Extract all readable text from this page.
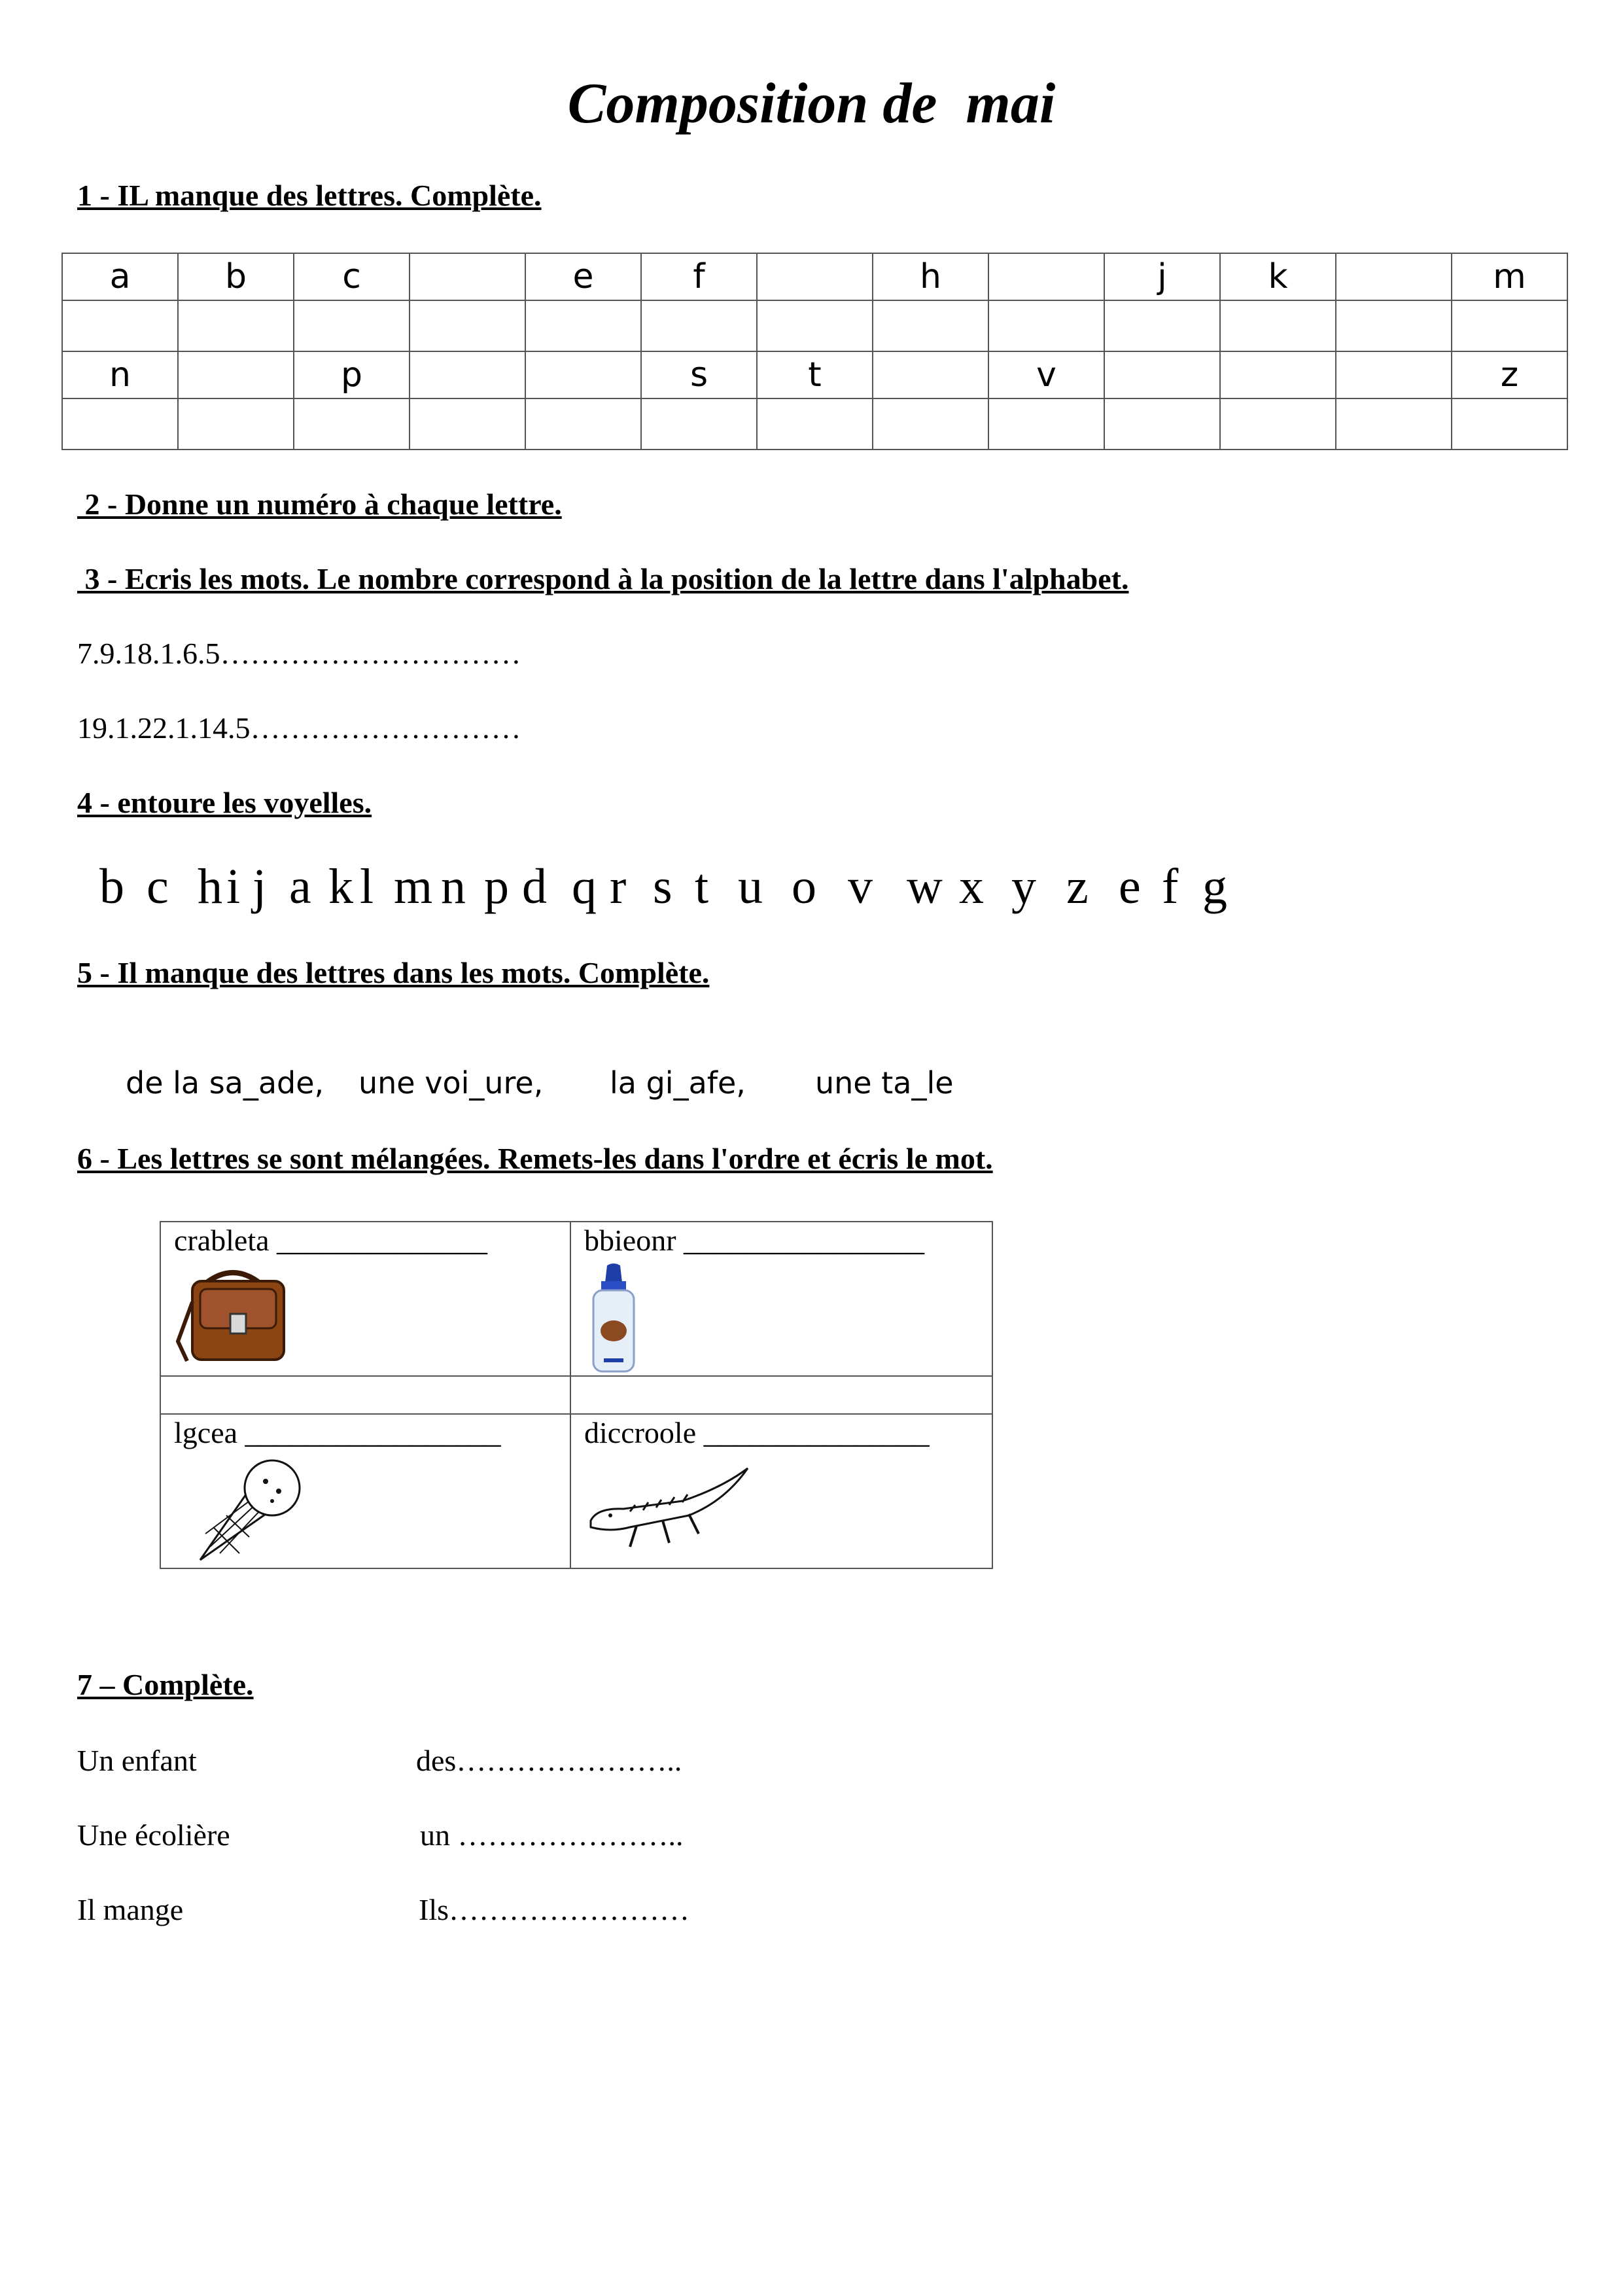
Composition de  mai
1 - IL manque des lettres. Complète.
a	b	c		e	f		h		j	k		m

n		p			s	t		v				z

2 - Donne un numéro à chaque lettre.
3 - Ecris les mots. Le nombre correspond à la position de la lettre dans l'alphabet.
7.9.18.1.6.5…………………………
19.1.22.1.14.5………………………
4 - entoure les voyelles.
b c h i j a k l m n p d q r s t u o v w x y z e f g
5 - Il manque des lettres dans les mots. Complète.
de la sa_ade, une voi_ure, la gi_afe, une ta_le
6 - Les lettres se sont mélangées. Remets-les dans l'ordre et écris le mot.
crableta ______________	bbieonr ________________

lgcea _________________	diccroole _______________
7 – Complète.
Un enfant	des…………………..
Une écolière	un …………………..
Il mange	Ils……………………
